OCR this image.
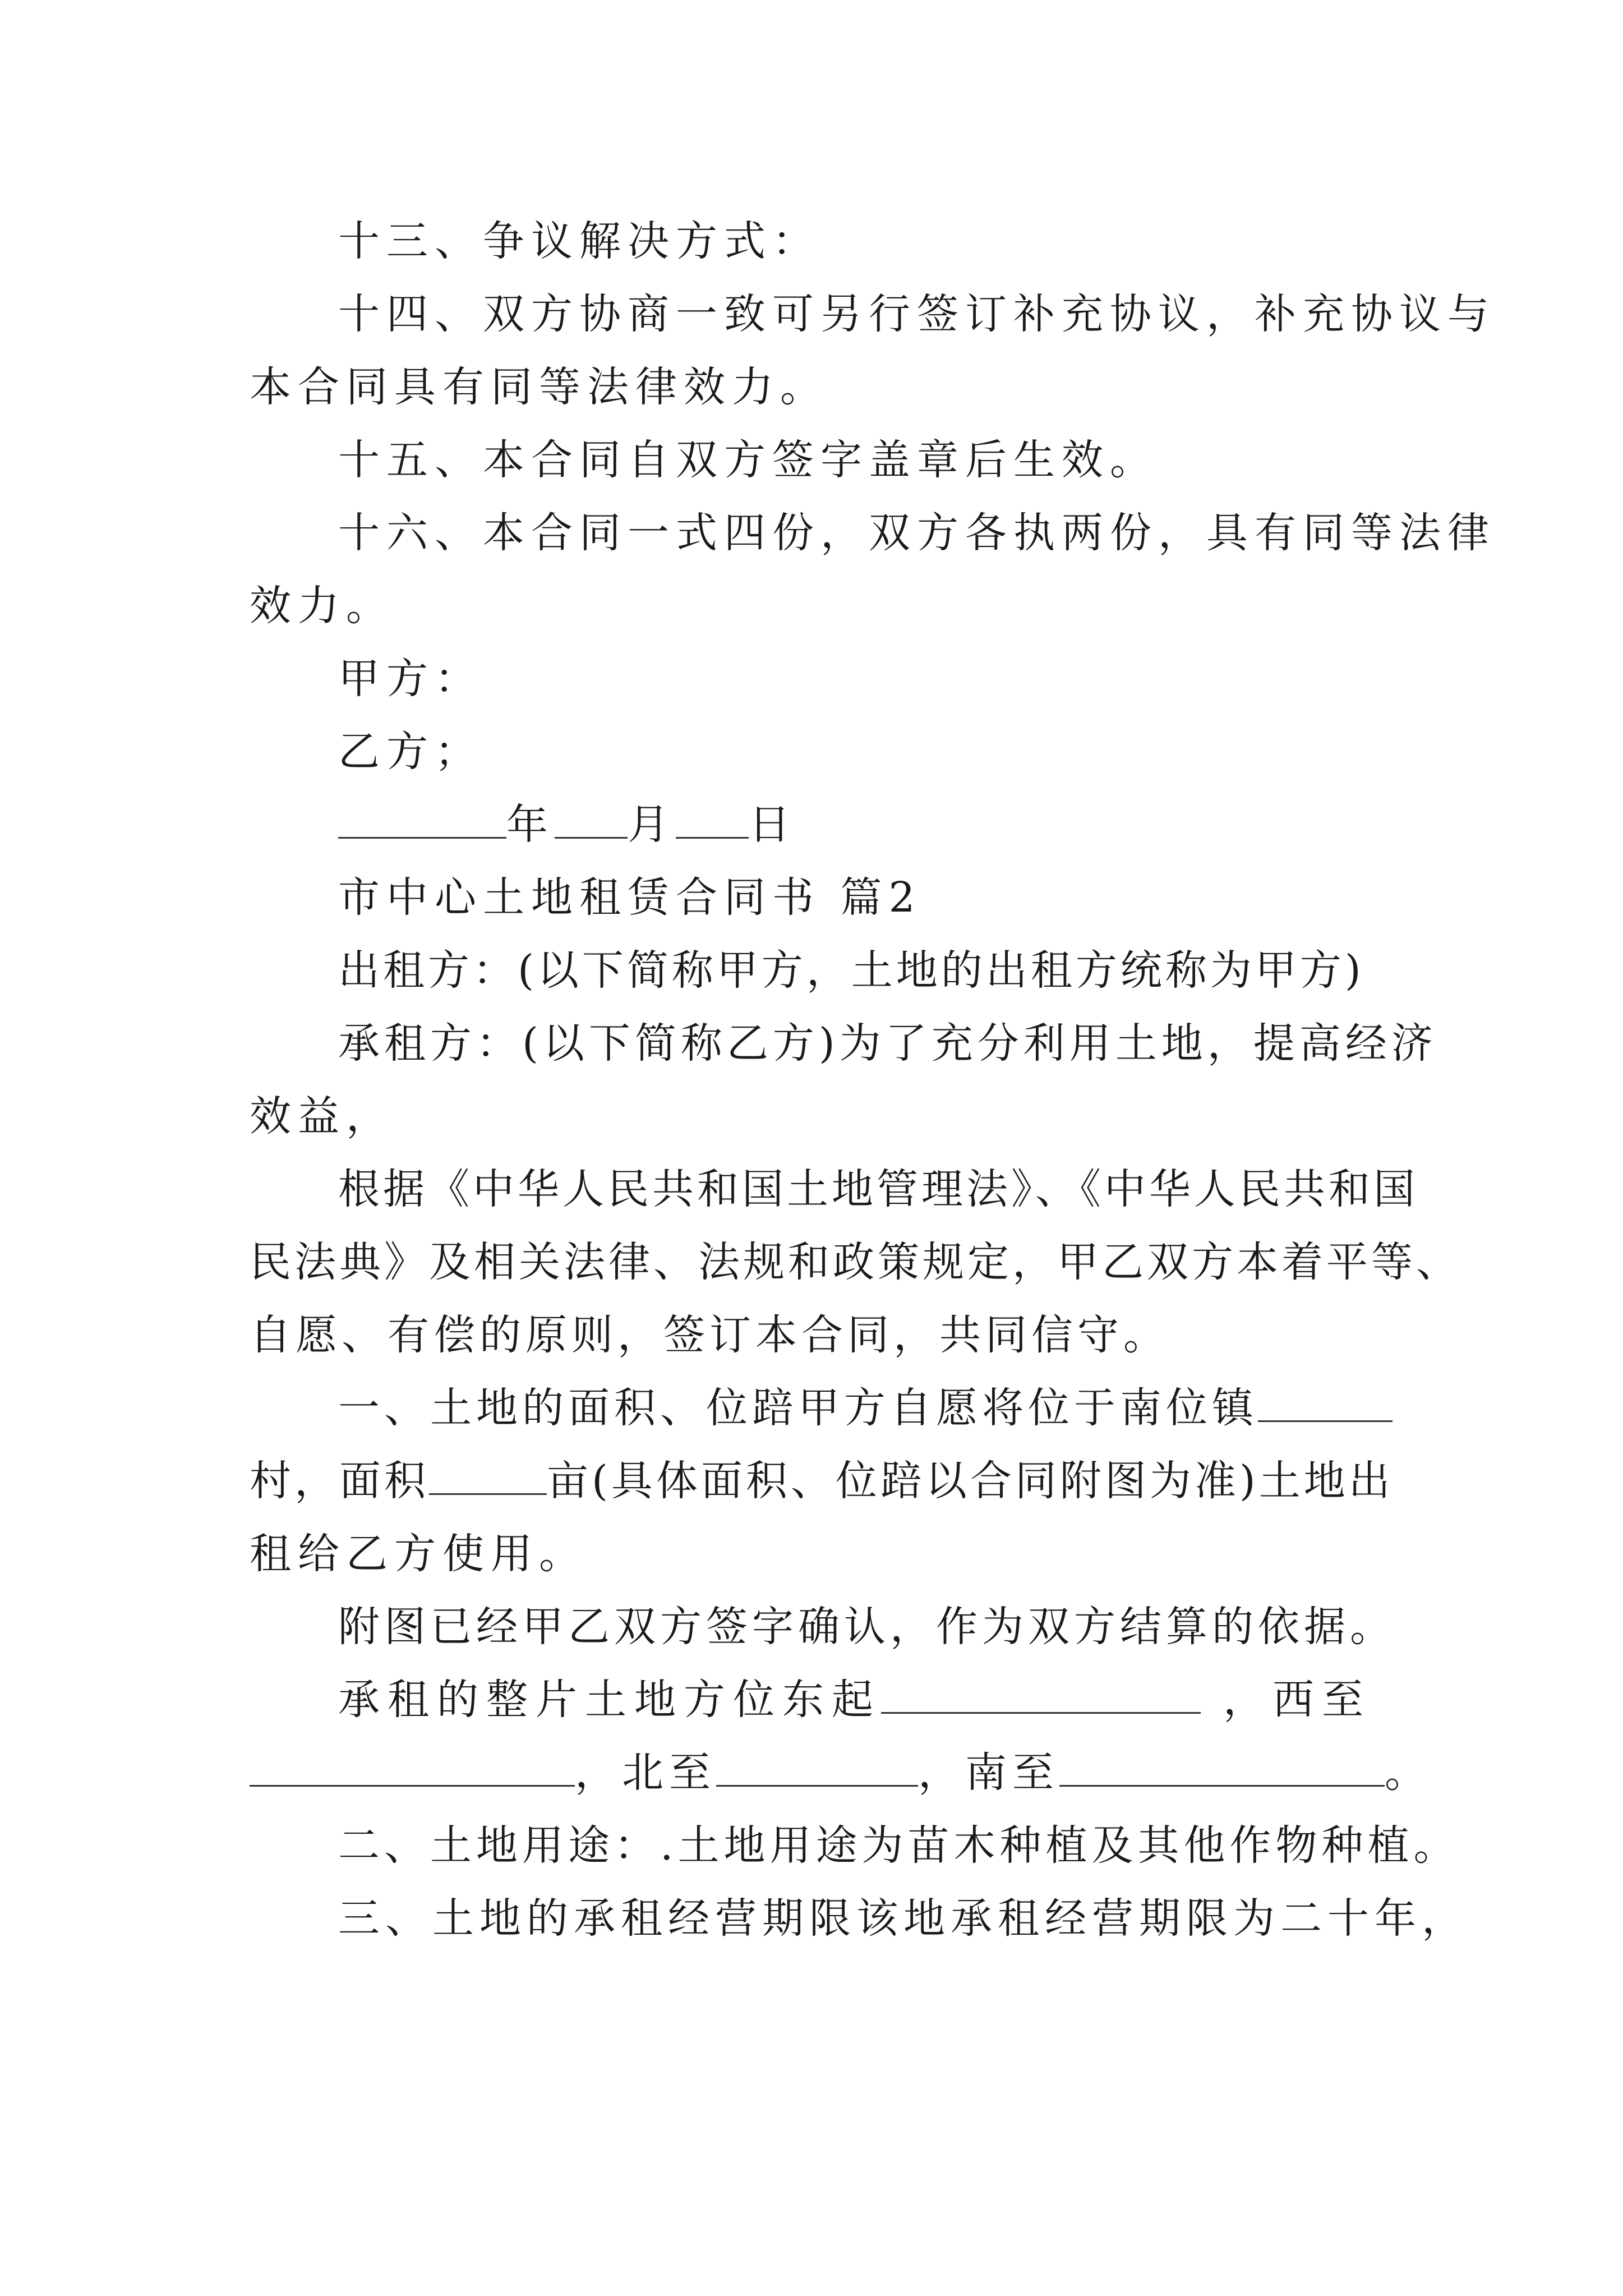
十三、争议解决方式：
十四、双方协商一致可另行签订补充协议，补充协议与
本合同具有同等法律效力。
十五、本合同自双方签字盖章后生效。
十六、本合同一式四份，双方各执两份，具有同等法律
效力。
甲方：
乙方；
年 月 日
市中心土地租赁合同书 篇2
出租方：(以下简称甲方，土地的出租方统称为甲方)
承租方：(以下简称乙方)为了充分利用土地，提高经济
效益，
根据《中华人民共和国土地管理法》、《中华人民共和国
民法典》及相关法律、法规和政策规定，甲乙双方本着平等、
自愿、有偿的原则，签订本合同，共同信守。
一、土地的面积、位踣甲方自愿将位于南位镇
村，面积	亩(具体面积、位踣以合同附图为准)土地出
租给乙方使用。
附图已经甲乙双方签字确认，作为双方结算的依据。
承租的整片土地方位东起	，西至
，北至	，南至	。
二、土地用途：.土地用途为苗木种植及其他作物种植。
三、土地的承租经营期限该地承租经营期限为二十年，
